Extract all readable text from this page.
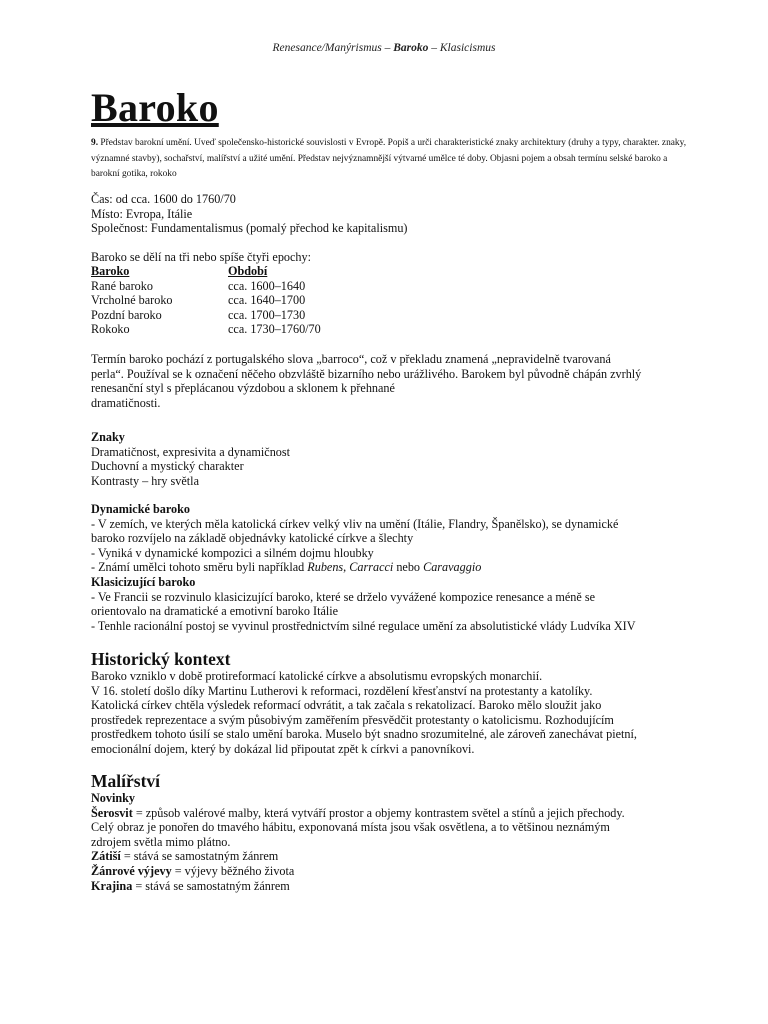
Renesance/Manýrismus – Baroko – Klasicismus
Baroko
9. Představ barokní umění. Uveď společensko-historické souvislosti v Evropě. Popiš a urči charakteristické znaky architektury (druhy a typy, charakter. znaky, významné stavby), sochařství, malířství a užité umění. Představ nejvýznamnější výtvarné umělce té doby. Objasni pojem a obsah termínu selské baroko a barokní gotika, rokoko
Čas: od cca. 1600 do 1760/70
Místo: Evropa, Itálie
Společnost: Fundamentalismus (pomalý přechod ke kapitalismu)
Baroko se dělí na tři nebo spíše čtyři epochy:
Baroko	Období
Rané baroko	cca. 1600–1640
Vrcholné baroko	cca. 1640–1700
Pozdní baroko	cca. 1700–1730
Rokoko	cca. 1730–1760/70
Termín baroko pochází z portugalského slova „barroco“, což v překladu znamená „nepravidelně tvarovaná
perla“. Používal se k označení něčeho obzvláště bizarního nebo urážlivého. Barokem byl původně chápán zvrhlý
renesanční styl s přeplácanou výzdobou a sklonem k přehnané
dramatičnosti.
Znaky
Dramatičnost, expresivita a dynamičnost
Duchovní a mystický charakter
Kontrasty – hry světla
Dynamické baroko
- V zemích, ve kterých měla katolická církev velký vliv na umění (Itálie, Flandry, Španělsko), se dynamické
baroko rozvíjelo na základě objednávky katolické církve a šlechty
- Vyniká v dynamické kompozici a silném dojmu hloubky
- Známí umělci tohoto směru byli například Rubens, Carracci nebo Caravaggio
Klasicizující baroko
- Ve Francii se rozvinulo klasicizující baroko, které se drželo vyvážené kompozice renesance a méně se
orientovalo na dramatické a emotivní baroko Itálie
- Tenhle racionální postoj se vyvinul prostřednictvím silné regulace umění za absolutistické vlády Ludvíka XIV
Historický kontext
Baroko vzniklo v době protireformací katolické církve a absolutismu evropských monarchií.
V 16. století došlo díky Martinu Lutherovi k reformaci, rozdělení křesťanství na protestanty a katolíky.
Katolická církev chtěla výsledek reformací odvrátit, a tak začala s rekatolizací. Baroko mělo sloužit jako
prostředek reprezentace a svým působivým zaměřením přesvědčit protestanty o katolicismu. Rozhodujícím
prostředkem tohoto úsilí se stalo umění baroka. Muselo být snadno srozumitelné, ale zároveň zanechávat pietní,
emocionální dojem, který by dokázal lid připoutat zpět k církvi a panovníkovi.
Malířství
Novinky
Šerosvit = způsob valérové malby, která vytváří prostor a objemy kontrastem světel a stínů a jejich přechody.
Celý obraz je ponořen do tmavého hábitu, exponovaná místa jsou však osvětlena, a to většinou neznámým
zdrojem světla mimo plátno.
Zátiší = stává se samostatným žánrem
Žánrové výjevy = výjevy běžného života
Krajina = stává se samostatným žánrem
